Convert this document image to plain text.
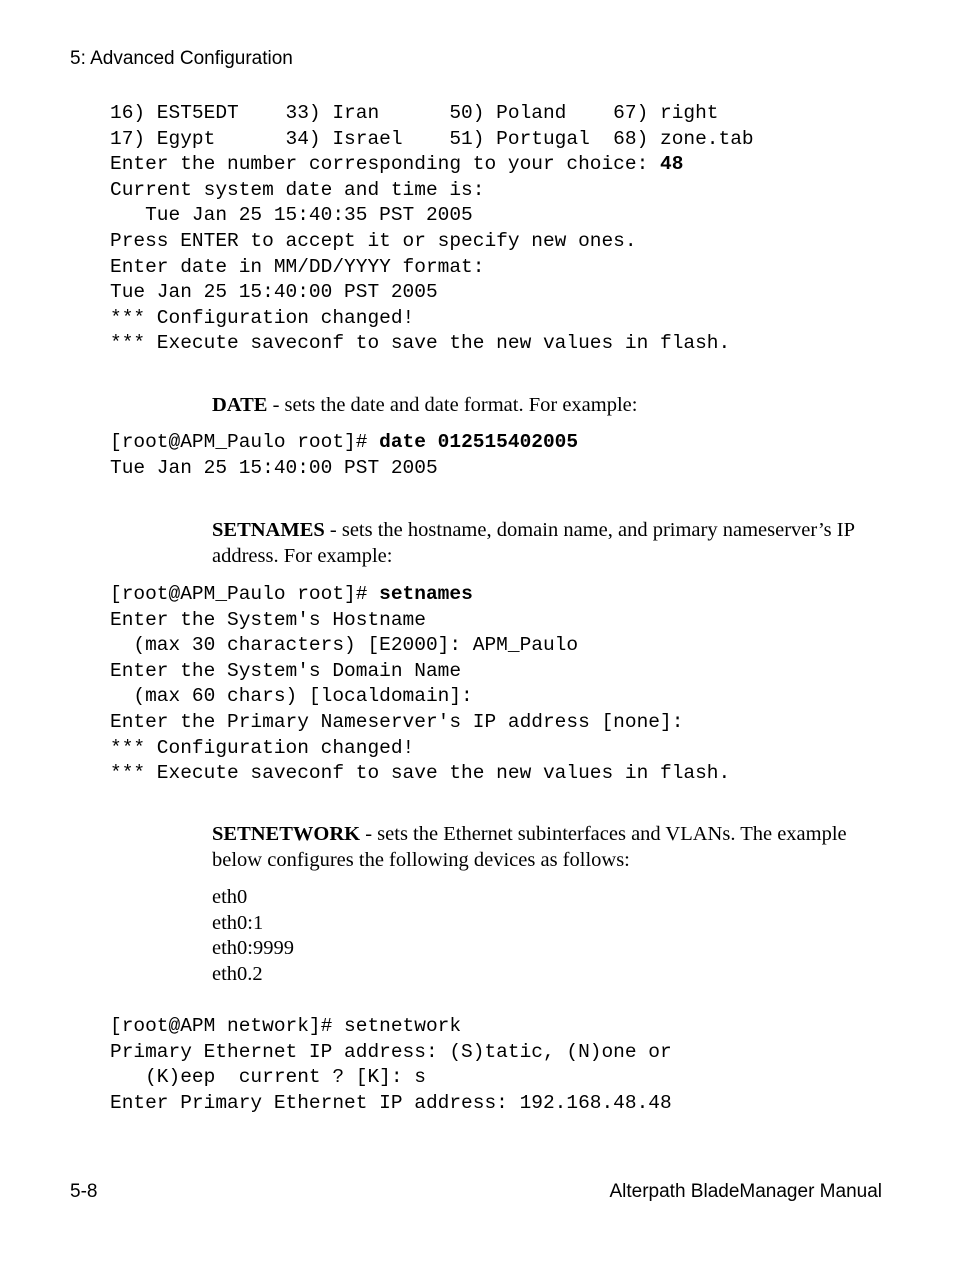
5: Advanced Configuration
16) EST5EDT    33) Iran      50) Poland    67) right
17) Egypt      34) Israel    51) Portugal  68) zone.tab
Enter the number corresponding to your choice: 48
Current system date and time is:
Tue Jan 25 15:40:35 PST 2005
Press ENTER to accept it or specify new ones.
Enter date in MM/DD/YYYY format:
Tue Jan 25 15:40:00 PST 2005
*** Configuration changed!
*** Execute saveconf to save the new values in flash.
DATE - sets the date and date format. For example:
[root@APM_Paulo root]# date 012515402005
Tue Jan 25 15:40:00 PST 2005
SETNAMES - sets the hostname, domain name, and primary nameserver’s IP address. For example:
[root@APM_Paulo root]# setnames
Enter the System's Hostname
(max 30 characters) [E2000]: APM_Paulo
Enter the System's Domain Name
(max 60 chars) [localdomain]:
Enter the Primary Nameserver's IP address [none]:
*** Configuration changed!
*** Execute saveconf to save the new values in flash.
SETNETWORK - sets the Ethernet subinterfaces and VLANs. The example below configures the following devices as follows:
eth0
eth0:1
eth0:9999
eth0.2
[root@APM network]# setnetwork
Primary Ethernet IP address: (S)tatic, (N)one or
(K)eep  current ? [K]: s
Enter Primary Ethernet IP address: 192.168.48.48
5-8	Alterpath BladeManager Manual
